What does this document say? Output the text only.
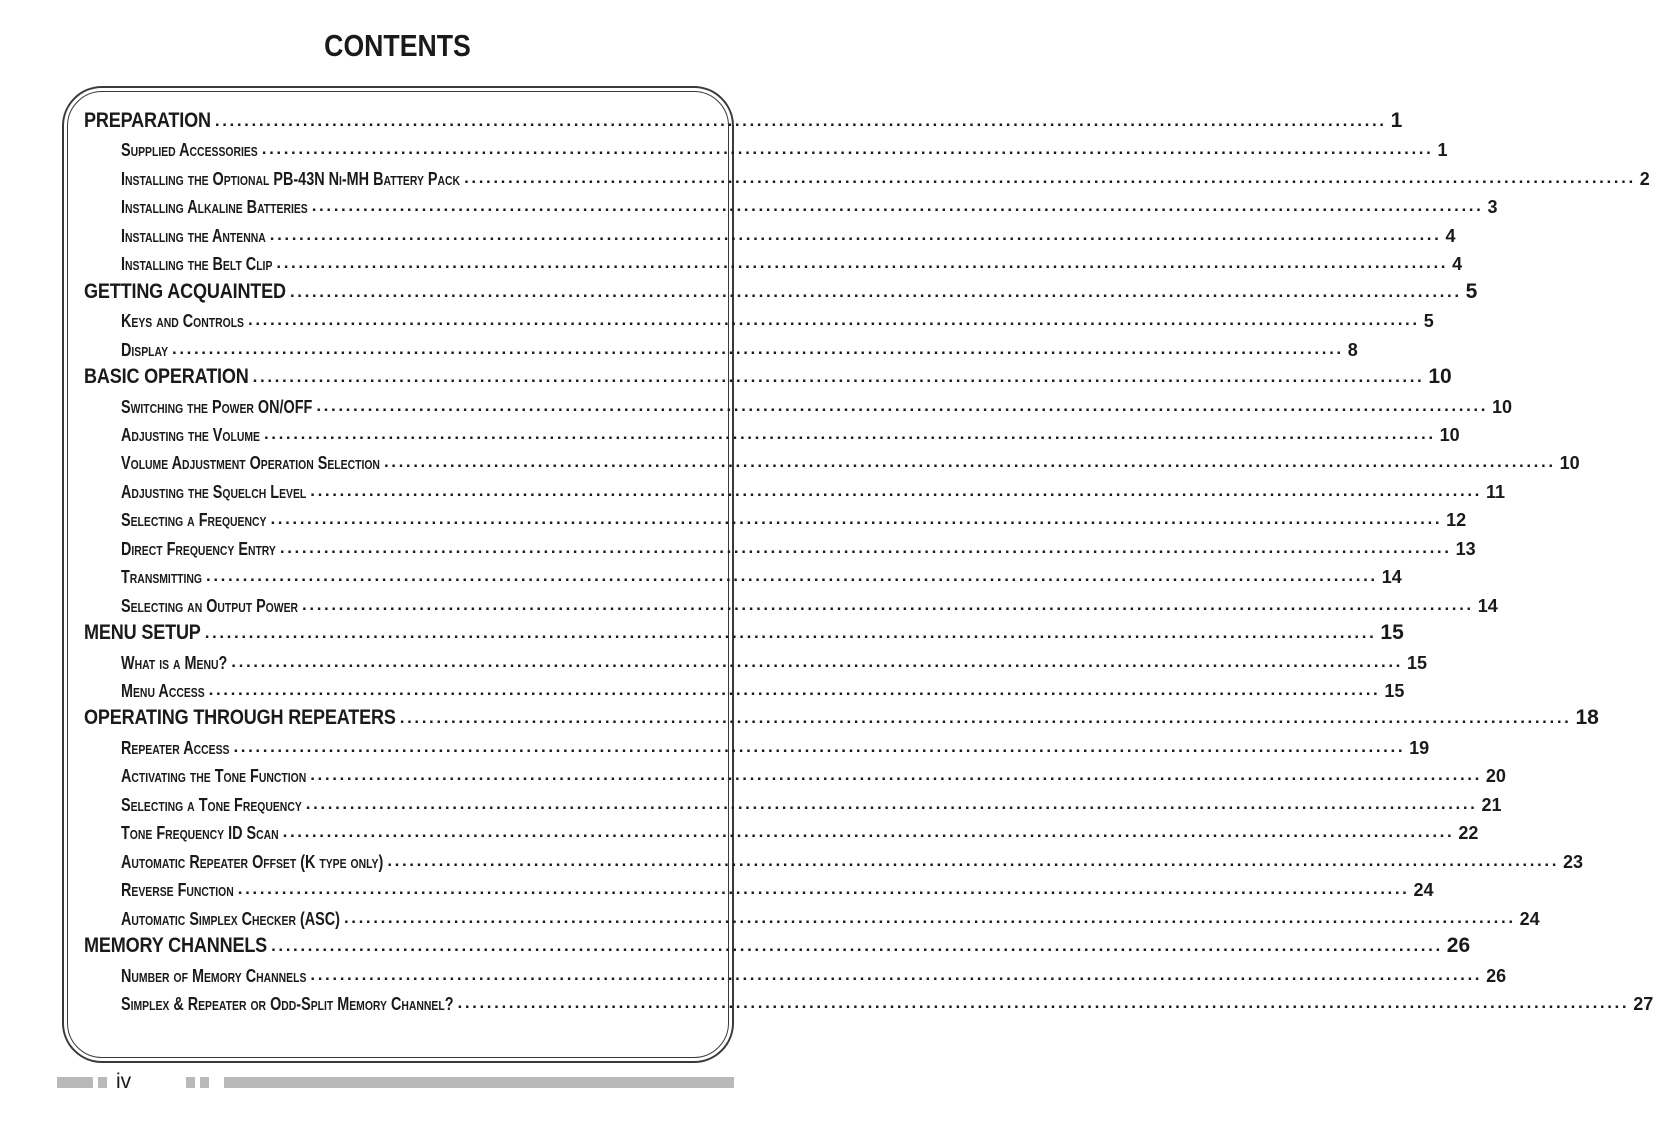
CONTENTS
PREPARATION ................................................................................................................................................................ 1
Supplied Accessories ................................................................................................................................................................ 1
Installing the Optional PB-43N Ni-MH Battery Pack ................................................................................................................................................................ 2
Installing Alkaline Batteries ................................................................................................................................................................ 3
Installing the Antenna ................................................................................................................................................................ 4
Installing the Belt Clip ................................................................................................................................................................ 4
GETTING ACQUAINTED ................................................................................................................................................................ 5
Keys and Controls ................................................................................................................................................................ 5
Display ................................................................................................................................................................ 8
BASIC OPERATION ................................................................................................................................................................ 10
Switching the Power ON/OFF ................................................................................................................................................................ 10
Adjusting the Volume ................................................................................................................................................................ 10
Volume Adjustment Operation Selection ................................................................................................................................................................ 10
Adjusting the Squelch Level ................................................................................................................................................................ 11
Selecting a Frequency ................................................................................................................................................................ 12
Direct Frequency Entry ................................................................................................................................................................ 13
Transmitting ................................................................................................................................................................ 14
Selecting an Output Power ................................................................................................................................................................ 14
MENU SETUP ................................................................................................................................................................ 15
What is a Menu? ................................................................................................................................................................ 15
Menu Access ................................................................................................................................................................ 15
OPERATING THROUGH REPEATERS ................................................................................................................................................................ 18
Repeater Access ................................................................................................................................................................ 19
Activating the Tone Function ................................................................................................................................................................ 20
Selecting a Tone Frequency ................................................................................................................................................................ 21
Tone Frequency ID Scan ................................................................................................................................................................ 22
Automatic Repeater Offset (K type only) ................................................................................................................................................................ 23
Reverse Function ................................................................................................................................................................ 24
Automatic Simplex Checker (ASC) ................................................................................................................................................................ 24
MEMORY CHANNELS ................................................................................................................................................................ 26
Number of Memory Channels ................................................................................................................................................................ 26
Simplex & Repeater or Odd-Split Memory Channel? ................................................................................................................................................................ 27
iv
